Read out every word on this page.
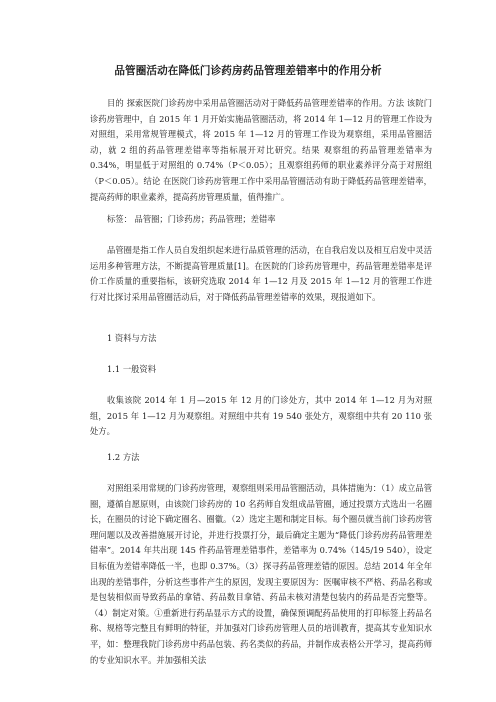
品管圈活动在降低门诊药房药品管理差错率中的作用分析

目的 探索医院门诊药房中采用品管圈活动对于降低药品管理差错率的作用。方法 该院门诊药房管理中，自 2015 年 1 月开始实施品管圈活动，将 2014 年 1—12 月的管理工作设为对照组，采用常规管理模式，将 2015 年 1—12 月的管理工作设为观察组，采用品管圈活动，就 2 组的药品管理差错率等指标展开对比研究。结果 观察组的药品管理差错率为 0.34%，明显低于对照组的 0.74%（P＜0.05）；且观察组药师的职业素养评分高于对照组（P＜0.05）。结论 在医院门诊药房管理工作中采用品管圈活动有助于降低药品管理差错率，提高药师的职业素养，提高药房管理质量，值得推广。

标签： 品管圈；门诊药房；药品管理；差错率

品管圈是指工作人员自发组织起来进行品质管理的活动，在自我启发以及相互启发中灵活运用多种管理方法，不断提高管理质量[1]。在医院的门诊药房管理中，药品管理差错率是评价工作质量的重要指标，该研究选取 2014 年 1—12 月及 2015 年 1—12 月的管理工作进行对比探讨采用品管圈活动后，对于降低药品管理差错率的效果，现报道如下。

1 资料与方法

1.1 一般资料

收集该院 2014 年 1 月—2015 年 12 月的门诊处方，其中 2014 年 1—12 月为对照组，2015 年 1—12 月为观察组。对照组中共有 19 540 张处方，观察组中共有 20 110 张处方。

1.2 方法

对照组采用常规的门诊药房管理，观察组则采用品管圈活动，具体措施为：（1）成立品管圈，遵循自愿原则，由该院门诊药房的 10 名药师自发组成品管圈，通过投票方式选出一名圈长，在圈员的讨论下确定圈名、圈徽。（2）选定主题和制定目标。每个圈员就当前门诊药房管理问题以及改善措施展开讨论，并进行投票打分，最后确定主题为“降低门诊药房药品管理差错率”。2014 年共出现 145 件药品管理差错事件，差错率为 0.74%（145/19 540），设定目标值为差错率降低一半，也即 0.37%。（3）探寻药品管理差错的原因。总结 2014 年全年出现的差错事件，分析这些事件产生的原因，发现主要原因为：医嘱审核不严格、药品名称或是包装相似而导致药品的拿错、药品数目拿错、药品未核对清楚包装内的药品是否完整等。（4）制定对策。①重新进行药品显示方式的设置，确保预调配药品使用的打印标签上药品名称、规格等完整且有鲜明的特征，并加强对门诊药房管理人员的培训教育，提高其专业知识水平，如：整理我院门诊药房中药品包装、药名类似的药品，并制作成表格公开学习，提高药师的专业知识水平。并加强相关法
